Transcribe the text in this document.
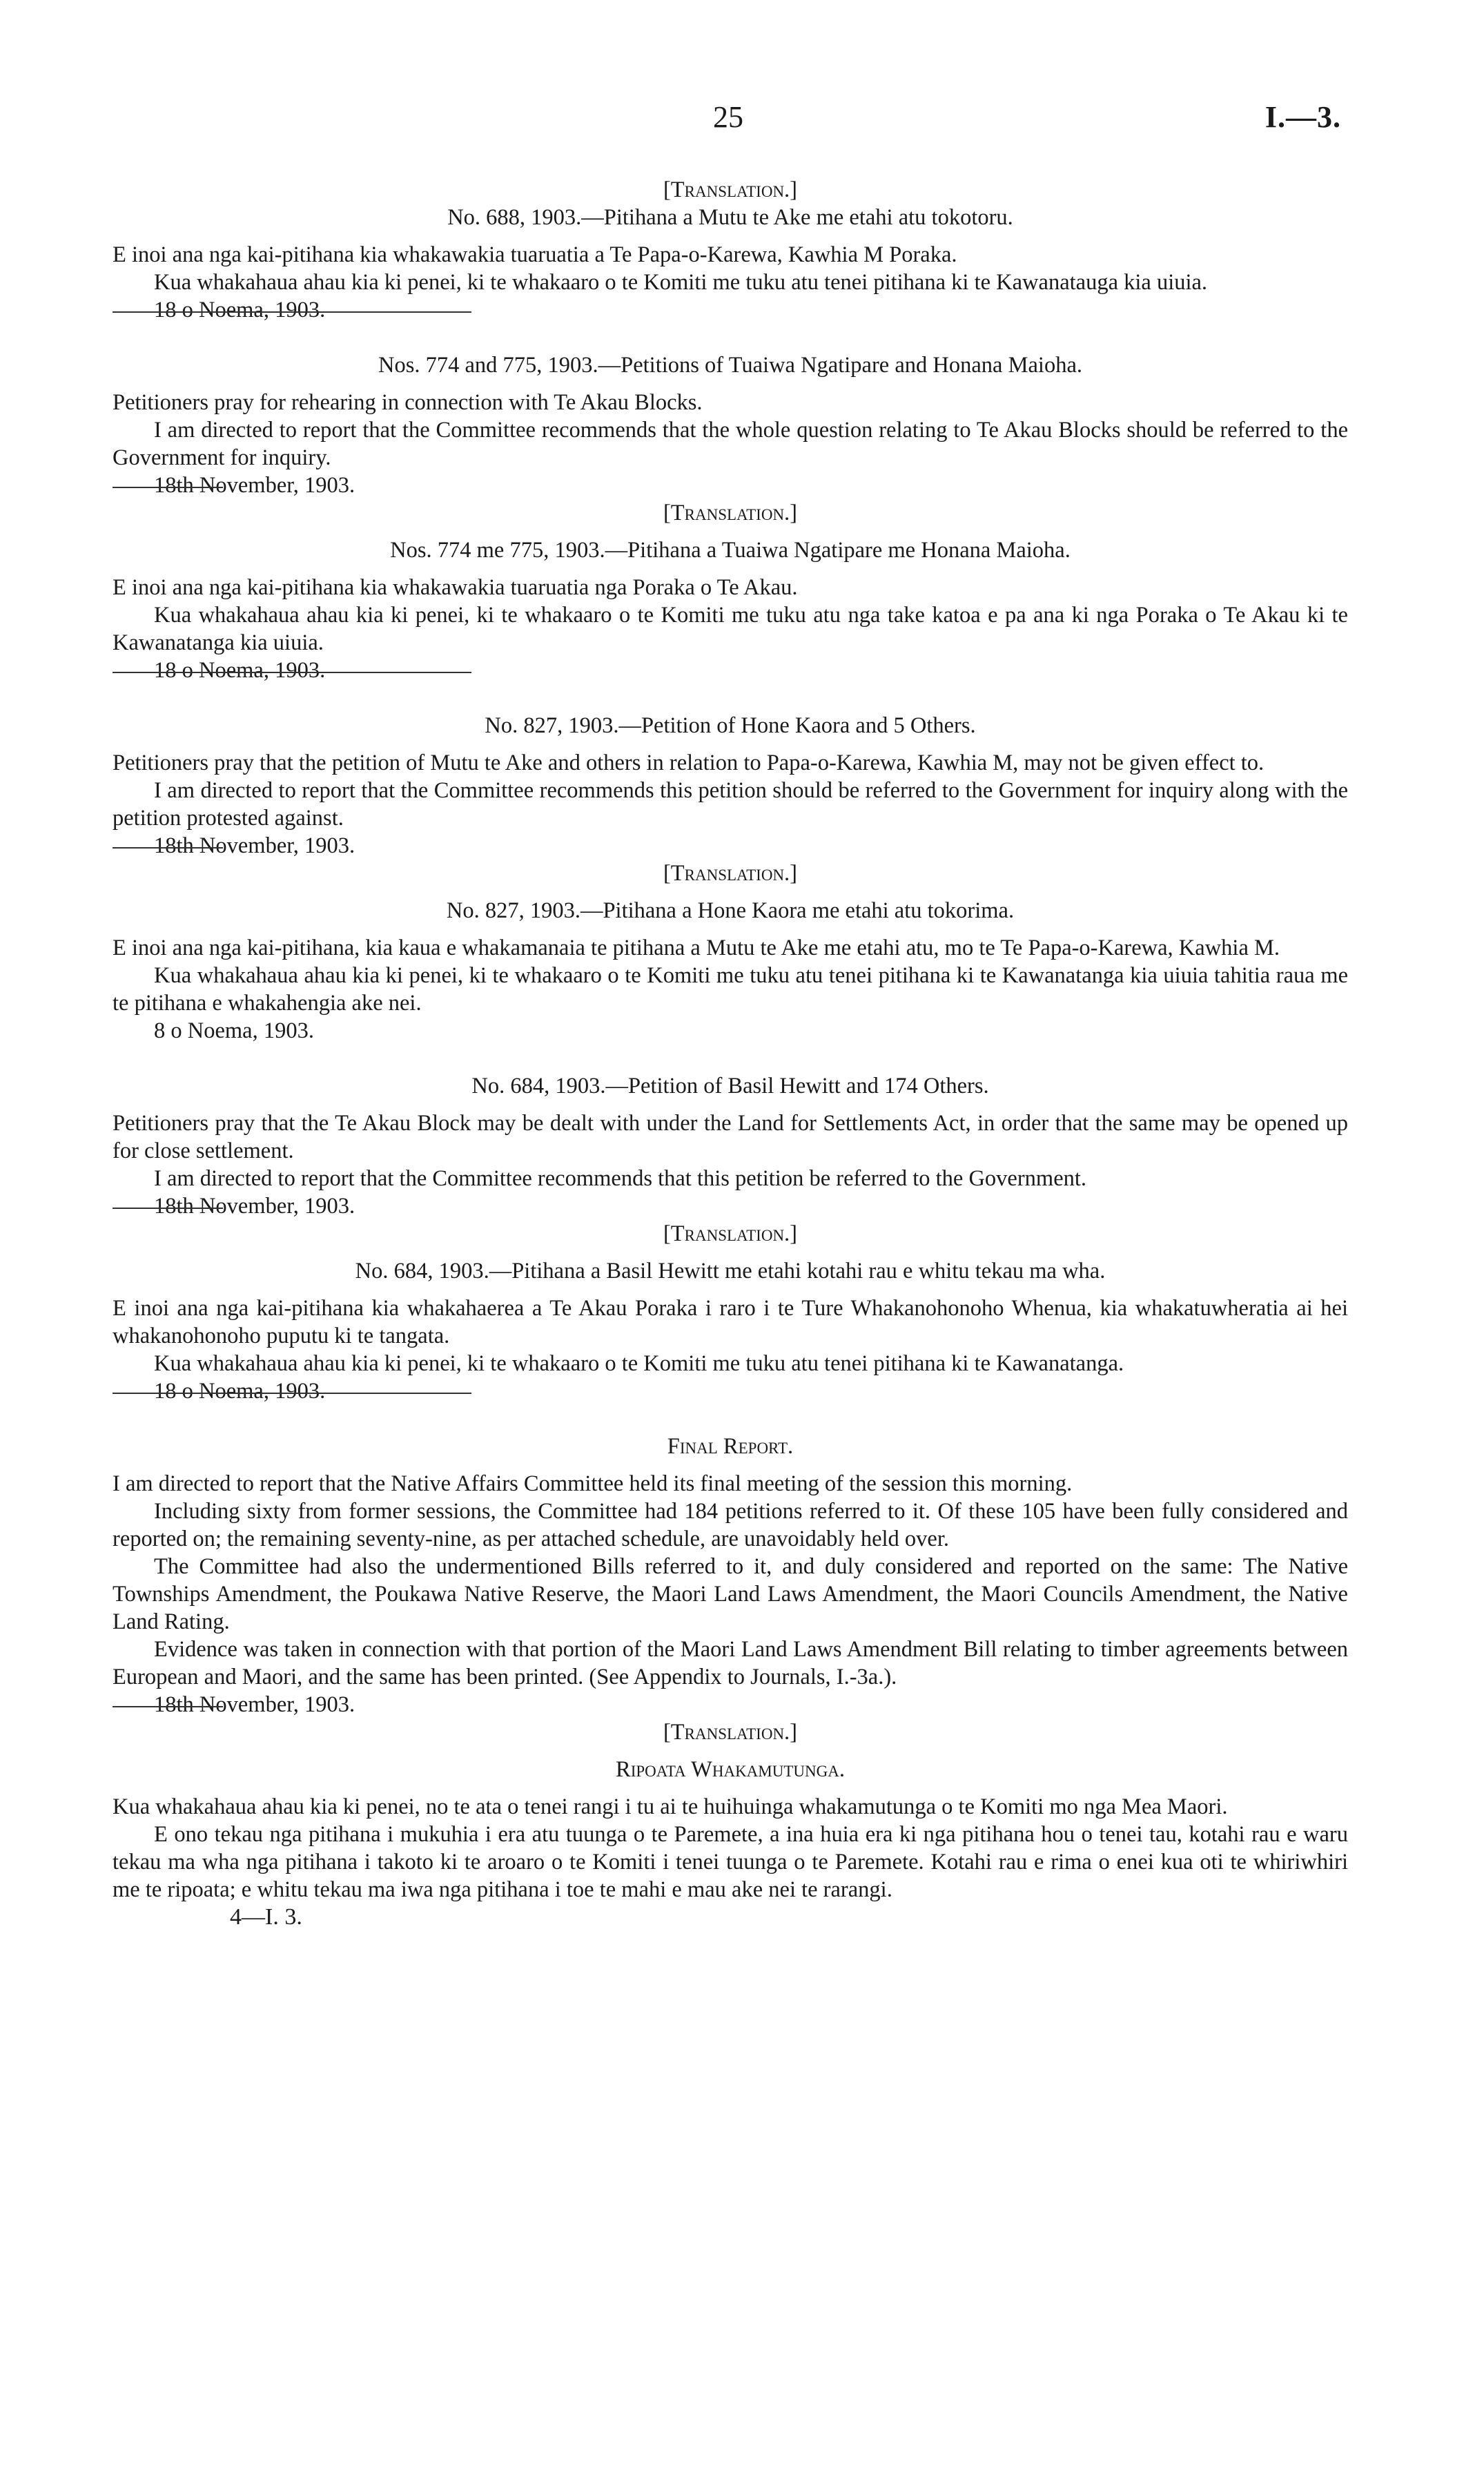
25	I.—3.

[Translation.]

No. 688, 1903.—Pitihana a Mutu te Ake me etahi atu tokotoru.

E inoi ana nga kai-pitihana kia whakawakia tuaruatia a Te Papa-o-Karewa, Kawhia M Poraka.

Kua whakahaua ahau kia ki penei, ki te whakaaro o te Komiti me tuku atu tenei pitihana ki te Kawanatauga kia uiuia.

18 o Noema, 1903.

Nos. 774 and 775, 1903.—Petitions of Tuaiwa Ngatipare and Honana Maioha.

Petitioners pray for rehearing in connection with Te Akau Blocks.

I am directed to report that the Committee recommends that the whole question relating to Te Akau Blocks should be referred to the Government for inquiry.

18th November, 1903.

[Translation.]

Nos. 774 me 775, 1903.—Pitihana a Tuaiwa Ngatipare me Honana Maioha.

E inoi ana nga kai-pitihana kia whakawakia tuaruatia nga Poraka o Te Akau.

Kua whakahaua ahau kia ki penei, ki te whakaaro o te Komiti me tuku atu nga take katoa e pa ana ki nga Poraka o Te Akau ki te Kawanatanga kia uiuia.

18 o Noema, 1903.

No. 827, 1903.—Petition of Hone Kaora and 5 Others.

Petitioners pray that the petition of Mutu te Ake and others in relation to Papa-o-Karewa, Kawhia M, may not be given effect to.

I am directed to report that the Committee recommends this petition should be referred to the Government for inquiry along with the petition protested against.

18th November, 1903.

[Translation.]

No. 827, 1903.—Pitihana a Hone Kaora me etahi atu tokorima.

E inoi ana nga kai-pitihana, kia kaua e whakamanaia te pitihana a Mutu te Ake me etahi atu, mo te Te Papa-o-Karewa, Kawhia M.

Kua whakahaua ahau kia ki penei, ki te whakaaro o te Komiti me tuku atu tenei pitihana ki te Kawanatanga kia uiuia tahitia raua me te pitihana e whakahengia ake nei.

8 o Noema, 1903.

No. 684, 1903.—Petition of Basil Hewitt and 174 Others.

Petitioners pray that the Te Akau Block may be dealt with under the Land for Settlements Act, in order that the same may be opened up for close settlement.

I am directed to report that the Committee recommends that this petition be referred to the Government.

18th November, 1903.

[Translation.]

No. 684, 1903.—Pitihana a Basil Hewitt me etahi kotahi rau e whitu tekau ma wha.

E inoi ana nga kai-pitihana kia whakahaerea a Te Akau Poraka i raro i te Ture Whakanohonoho Whenua, kia whakatuwheratia ai hei whakanohonoho puputu ki te tangata.

Kua whakahaua ahau kia ki penei, ki te whakaaro o te Komiti me tuku atu tenei pitihana ki te Kawanatanga.

18 o Noema, 1903.

Final Report.

I am directed to report that the Native Affairs Committee held its final meeting of the session this morning.

Including sixty from former sessions, the Committee had 184 petitions referred to it. Of these 105 have been fully considered and reported on; the remaining seventy-nine, as per attached schedule, are unavoidably held over.

The Committee had also the undermentioned Bills referred to it, and duly considered and reported on the same: The Native Townships Amendment, the Poukawa Native Reserve, the Maori Land Laws Amendment, the Maori Councils Amendment, the Native Land Rating.

Evidence was taken in connection with that portion of the Maori Land Laws Amendment Bill relating to timber agreements between European and Maori, and the same has been printed. (See Appendix to Journals, I.-3a.).

18th November, 1903.

[Translation.]

Ripoata Whakamutunga.

Kua whakahaua ahau kia ki penei, no te ata o tenei rangi i tu ai te huihuinga whakamutunga o te Komiti mo nga Mea Maori.

E ono tekau nga pitihana i mukuhia i era atu tuunga o te Paremete, a ina huia era ki nga pitihana hou o tenei tau, kotahi rau e waru tekau ma wha nga pitihana i takoto ki te aroaro o te Komiti i tenei tuunga o te Paremete. Kotahi rau e rima o enei kua oti te whiriwhiri me te ripoata; e whitu tekau ma iwa nga pitihana i toe te mahi e mau ake nei te rarangi.

4—I. 3.
